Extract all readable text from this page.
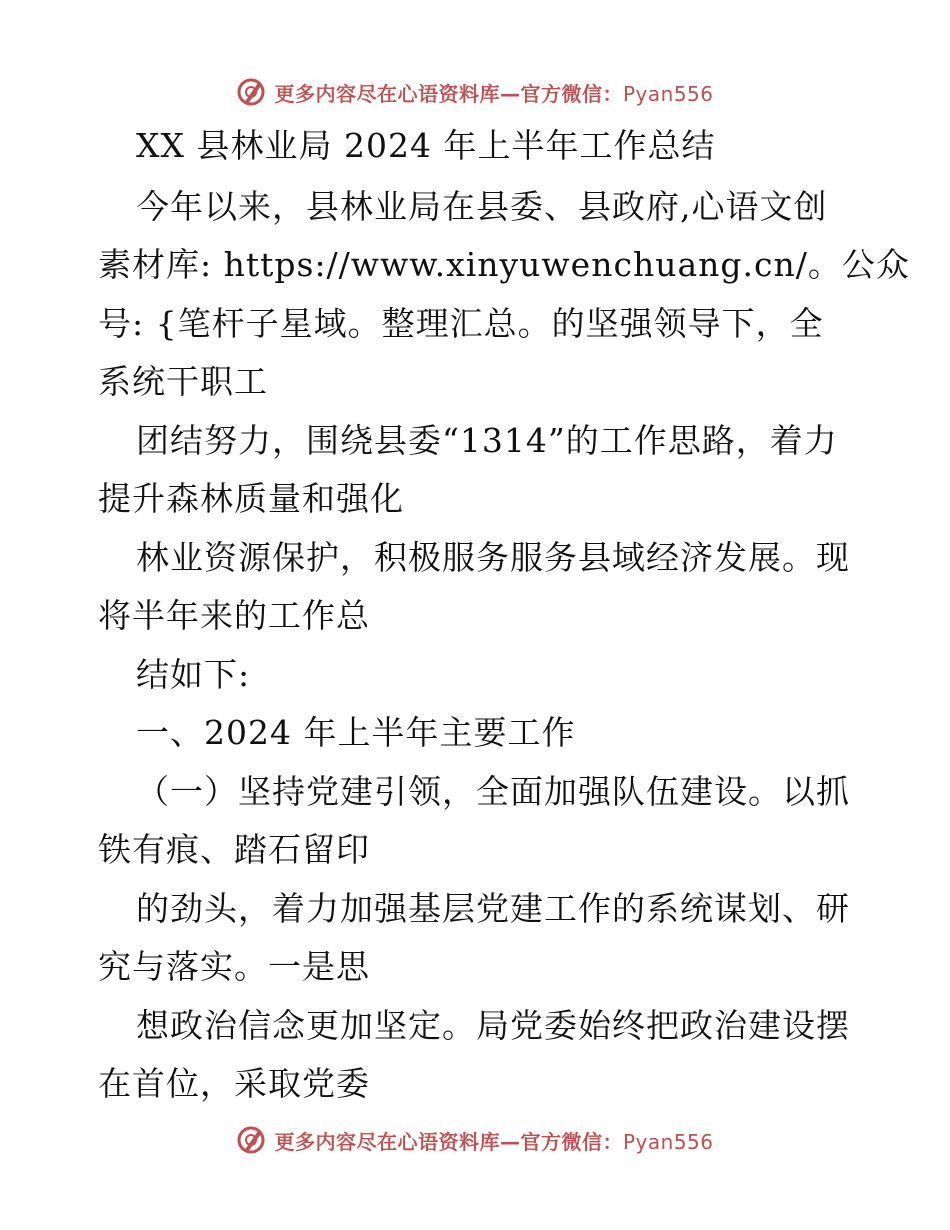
更多内容尽在心语资料库—官方微信：Pyan556
XX 县林业局 2024 年上半年工作总结
今年以来，县林业局在县委、县政府,心语文创
素材库: https://www.xinyuwenchuang.cn/。公众
号: {笔杆子星域。整理汇总。的坚强领导下，全
系统干职工
团结努力，围绕县委“1314”的工作思路，着力
提升森林质量和强化
林业资源保护，积极服务服务县域经济发展。现
将半年来的工作总
结如下:
一、2024 年上半年主要工作
（一）坚持党建引领，全面加强队伍建设。以抓
铁有痕、踏石留印
的劲头，着力加强基层党建工作的系统谋划、研
究与落实。一是思
想政治信念更加坚定。局党委始终把政治建设摆
在首位，采取党委
更多内容尽在心语资料库—官方微信：Pyan556
